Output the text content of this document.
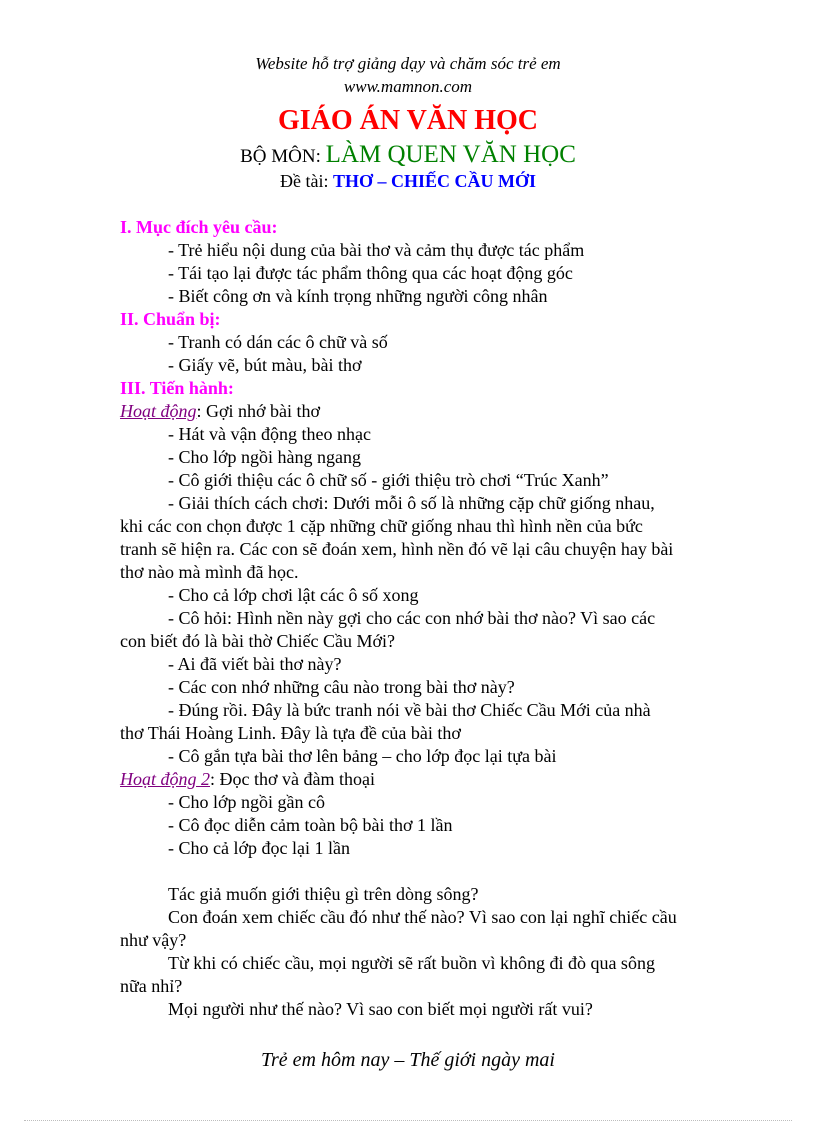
Website hỗ trợ giảng dạy và chăm sóc trẻ em
www.mamnon.com
GIÁO ÁN VĂN HỌC
BỘ MÔN: LÀM QUEN VĂN HỌC
Đề tài: THƠ – CHIẾC CẦU MỚI
I. Mục đích yêu cầu:
- Trẻ hiểu nội dung của bài thơ và cảm thụ được tác phẩm
- Tái tạo lại được tác phẩm thông qua các hoạt động góc
- Biết công ơn và kính trọng những người công nhân
II. Chuẩn bị:
- Tranh có dán các ô chữ và số
- Giấy vẽ, bút màu, bài thơ
III. Tiến hành:
Hoạt động: Gợi nhớ bài thơ
- Hát và vận động theo nhạc
- Cho lớp ngồi hàng ngang
- Cô giới thiệu các ô chữ số - giới thiệu trò chơi “Trúc Xanh”
- Giải thích cách chơi: Dưới mỗi ô số là những cặp chữ giống nhau,
khi các con chọn được 1 cặp những chữ giống nhau thì hình nền của bức
tranh sẽ hiện ra. Các con sẽ đoán xem, hình nền đó vẽ lại câu chuyện hay bài
thơ nào mà mình đã học.
- Cho cả lớp chơi lật các ô số xong
- Cô hỏi: Hình nền này gợi cho các con nhớ bài thơ nào? Vì sao các
con biết đó là bài thờ Chiếc Cầu Mới?
- Ai đã viết bài thơ này?
- Các con nhớ những câu nào trong bài thơ này?
- Đúng rồi. Đây là bức tranh nói về bài thơ Chiếc Cầu Mới của nhà
thơ Thái Hoàng Linh. Đây là tựa đề của bài thơ
- Cô gắn tựa bài thơ lên bảng – cho lớp đọc lại tựa bài
Hoạt động 2: Đọc thơ và đàm thoại
- Cho lớp ngồi gần cô
- Cô đọc diễn cảm toàn bộ bài thơ 1 lần
- Cho cả lớp đọc lại 1 lần
Tác giả muốn giới thiệu gì trên dòng sông?
Con đoán xem chiếc cầu đó như thế nào? Vì sao con lại nghĩ chiếc cầu
như vậy?
Từ khi có chiếc cầu, mọi người sẽ rất buồn vì không đi đò qua sông
nữa nhỉ?
Mọi người như thế nào? Vì sao con biết mọi người rất vui?
Trẻ em hôm nay – Thế giới ngày mai
